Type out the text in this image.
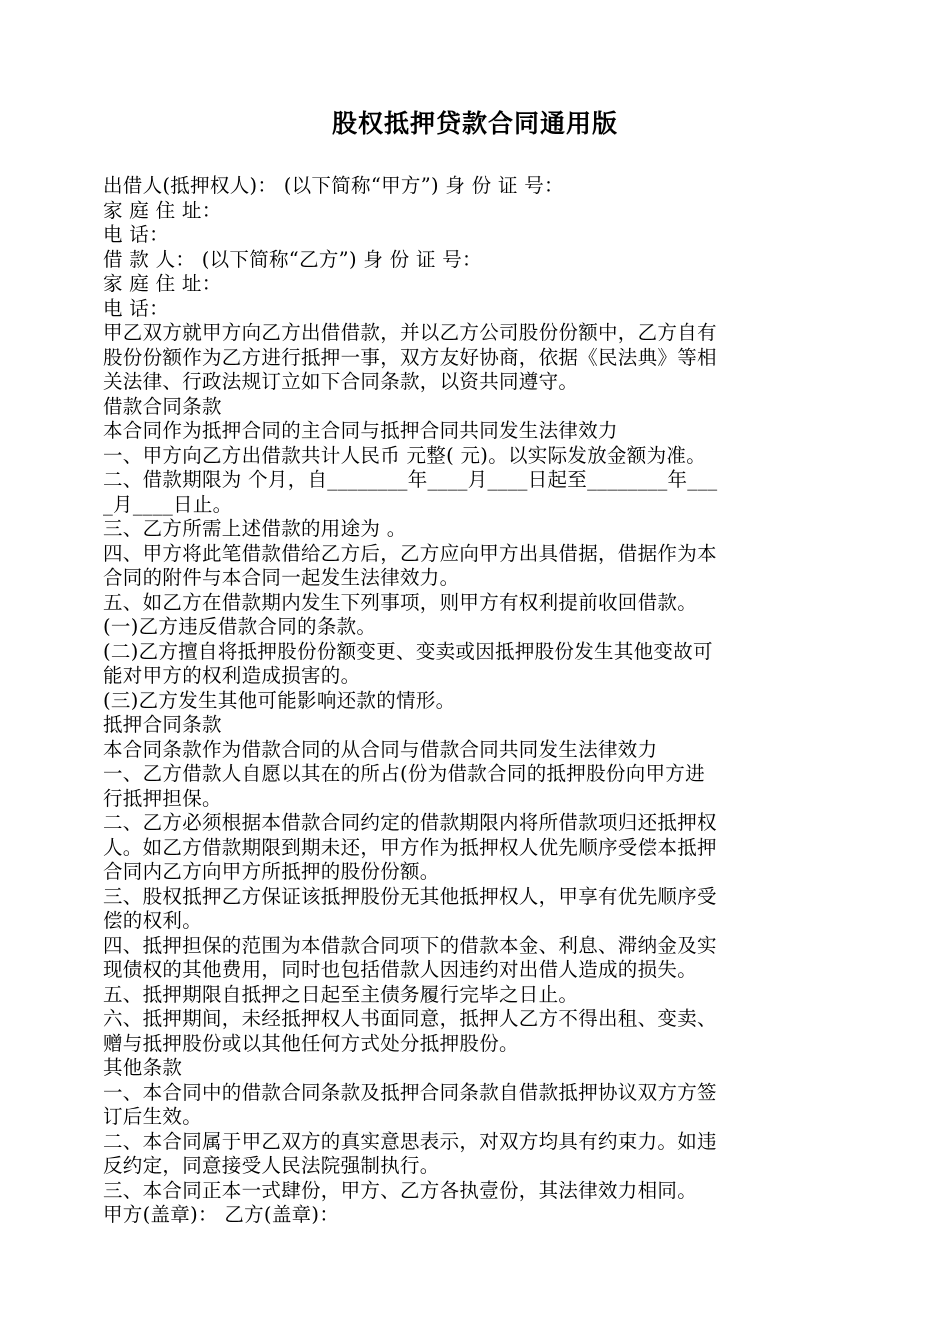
股权抵押贷款合同通用版
出借人(抵押权人)： (以下简称“甲方”) 身 份 证 号：
家 庭 住 址：
电 话：
借 款 人： (以下简称“乙方”) 身 份 证 号：
家 庭 住 址：
电 话：
甲乙双方就甲方向乙方出借借款，并以乙方公司股份份额中，乙方自有
股份份额作为乙方进行抵押一事，双方友好协商，依据《民法典》等相
关法律、行政法规订立如下合同条款，以资共同遵守。
借款合同条款
本合同作为抵押合同的主合同与抵押合同共同发生法律效力
一、甲方向乙方出借款共计人民币 元整( 元)。以实际发放金额为准。
二、借款期限为 个月，自________年____月____日起至________年___
_月____日止。
三、乙方所需上述借款的用途为 。
四、甲方将此笔借款借给乙方后，乙方应向甲方出具借据，借据作为本
合同的附件与本合同一起发生法律效力。
五、如乙方在借款期内发生下列事项，则甲方有权利提前收回借款。
(一)乙方违反借款合同的条款。
(二)乙方擅自将抵押股份份额变更、变卖或因抵押股份发生其他变故可
能对甲方的权利造成损害的。
(三)乙方发生其他可能影响还款的情形。
抵押合同条款
本合同条款作为借款合同的从合同与借款合同共同发生法律效力
一、乙方借款人自愿以其在的所占(份为借款合同的抵押股份向甲方进
行抵押担保。
二、乙方必须根据本借款合同约定的借款期限内将所借款项归还抵押权
人。如乙方借款期限到期未还，甲方作为抵押权人优先顺序受偿本抵押
合同内乙方向甲方所抵押的股份份额。
三、股权抵押乙方保证该抵押股份无其他抵押权人，甲享有优先顺序受
偿的权利。
四、抵押担保的范围为本借款合同项下的借款本金、利息、滞纳金及实
现债权的其他费用，同时也包括借款人因违约对出借人造成的损失。
五、抵押期限自抵押之日起至主债务履行完毕之日止。
六、抵押期间，未经抵押权人书面同意，抵押人乙方不得出租、变卖、
赠与抵押股份或以其他任何方式处分抵押股份。
其他条款
一、本合同中的借款合同条款及抵押合同条款自借款抵押协议双方方签
订后生效。
二、本合同属于甲乙双方的真实意思表示，对双方均具有约束力。如违
反约定，同意接受人民法院强制执行。
三、本合同正本一式肆份，甲方、乙方各执壹份，其法律效力相同。
甲方(盖章)： 乙方(盖章)：
